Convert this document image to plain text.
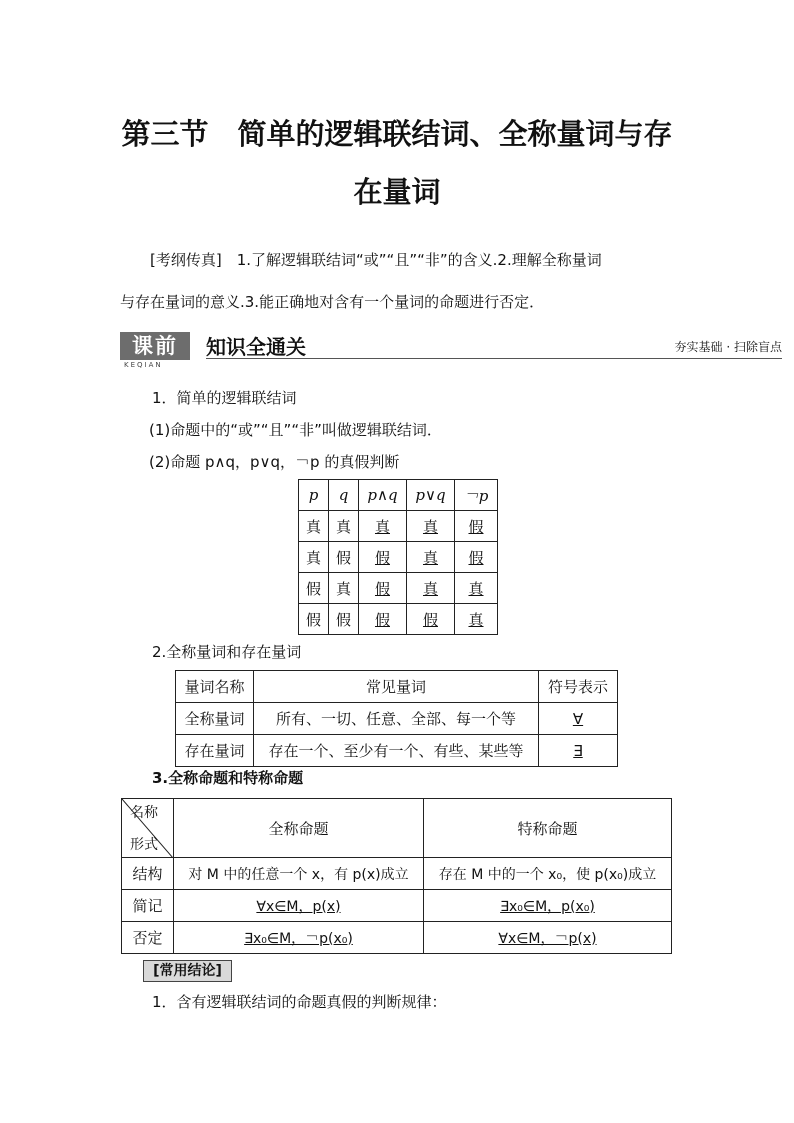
第三节　简单的逻辑联结词、全称量词与存
在量词
[考纲传真]　1.了解逻辑联结词“或”“且”“非”的含义.2.理解全称量词
与存在量词的意义.3.能正确地对含有一个量词的命题进行否定．
课前
KEQIAN
知识全通关	夯实基础 · 扫除盲点
1．简单的逻辑联结词
(1)命题中的“或”“且”“非”叫做逻辑联结词．
(2)命题 p∧q，p∨q，￢p 的真假判断
p	q	p∧q	p∨q	￢p
真	真	真	真	假
真	假	假	真	假
假	真	假	真	真
假	假	假	假	真
2.全称量词和存在量词
量词名称	常见量词	符号表示
全称量词	所有、一切、任意、全部、每一个等	∀
存在量词	存在一个、至少有一个、有些、某些等	∃
3.全称命题和特称命题
名称
形式	全称命题	特称命题
结构	对 M 中的任意一个 x，有 p(x)成立	存在 M 中的一个 x₀，使 p(x₀)成立
简记	∀x∈M，p(x)	∃x₀∈M，p(x₀)
否定	∃x₀∈M，￢p(x₀)	∀x∈M，￢p(x)
[常用结论]
1．含有逻辑联结词的命题真假的判断规律：
